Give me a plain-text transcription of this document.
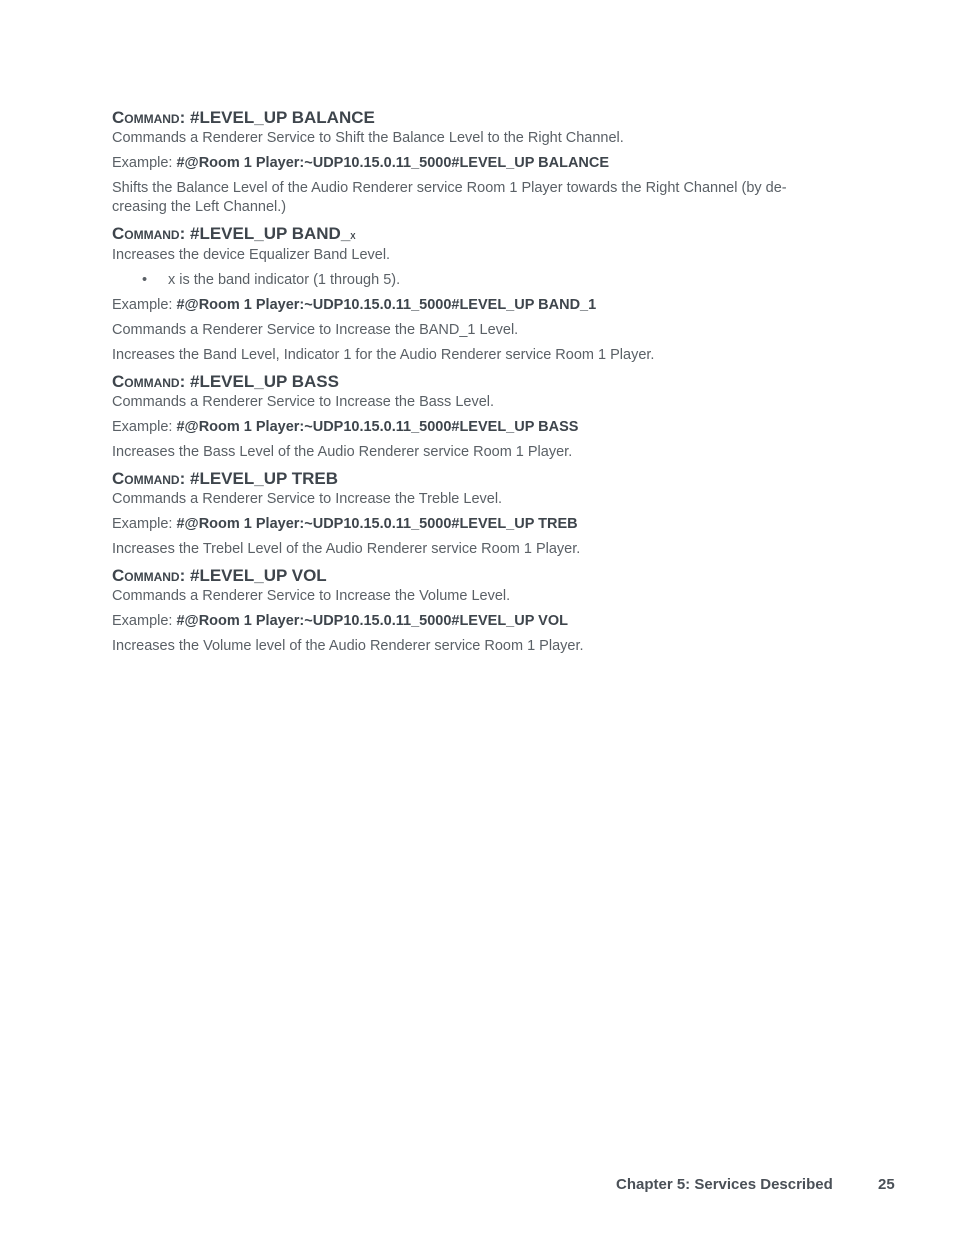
Command: #LEVEL_UP BALANCE

Commands a Renderer Service to Shift the Balance Level to the Right Channel.

Example: #@Room 1 Player:~UDP10.15.0.11_5000#LEVEL_UP BALANCE

Shifts the Balance Level of the Audio Renderer service Room 1 Player towards the Right Channel (by de-creasing the Left Channel.)

Command: #LEVEL_UP BAND_x

Increases the device Equalizer Band Level.

• x is the band indicator (1 through 5).

Example: #@Room 1 Player:~UDP10.15.0.11_5000#LEVEL_UP BAND_1

Commands a Renderer Service to Increase the BAND_1 Level.

Increases the Band Level, Indicator 1 for the Audio Renderer service Room 1 Player.

Command: #LEVEL_UP BASS

Commands a Renderer Service to Increase the Bass Level.

Example: #@Room 1 Player:~UDP10.15.0.11_5000#LEVEL_UP BASS

Increases the Bass Level of the Audio Renderer service Room 1 Player.

Command: #LEVEL_UP TREB

Commands a Renderer Service to Increase the Treble Level.

Example: #@Room 1 Player:~UDP10.15.0.11_5000#LEVEL_UP TREB

Increases the Trebel Level of the Audio Renderer service Room 1 Player.

Command: #LEVEL_UP VOL

Commands a Renderer Service to Increase the Volume Level.

Example: #@Room 1 Player:~UDP10.15.0.11_5000#LEVEL_UP VOL

Increases the Volume level of the Audio Renderer service Room 1 Player.

Chapter 5: Services Described	25
